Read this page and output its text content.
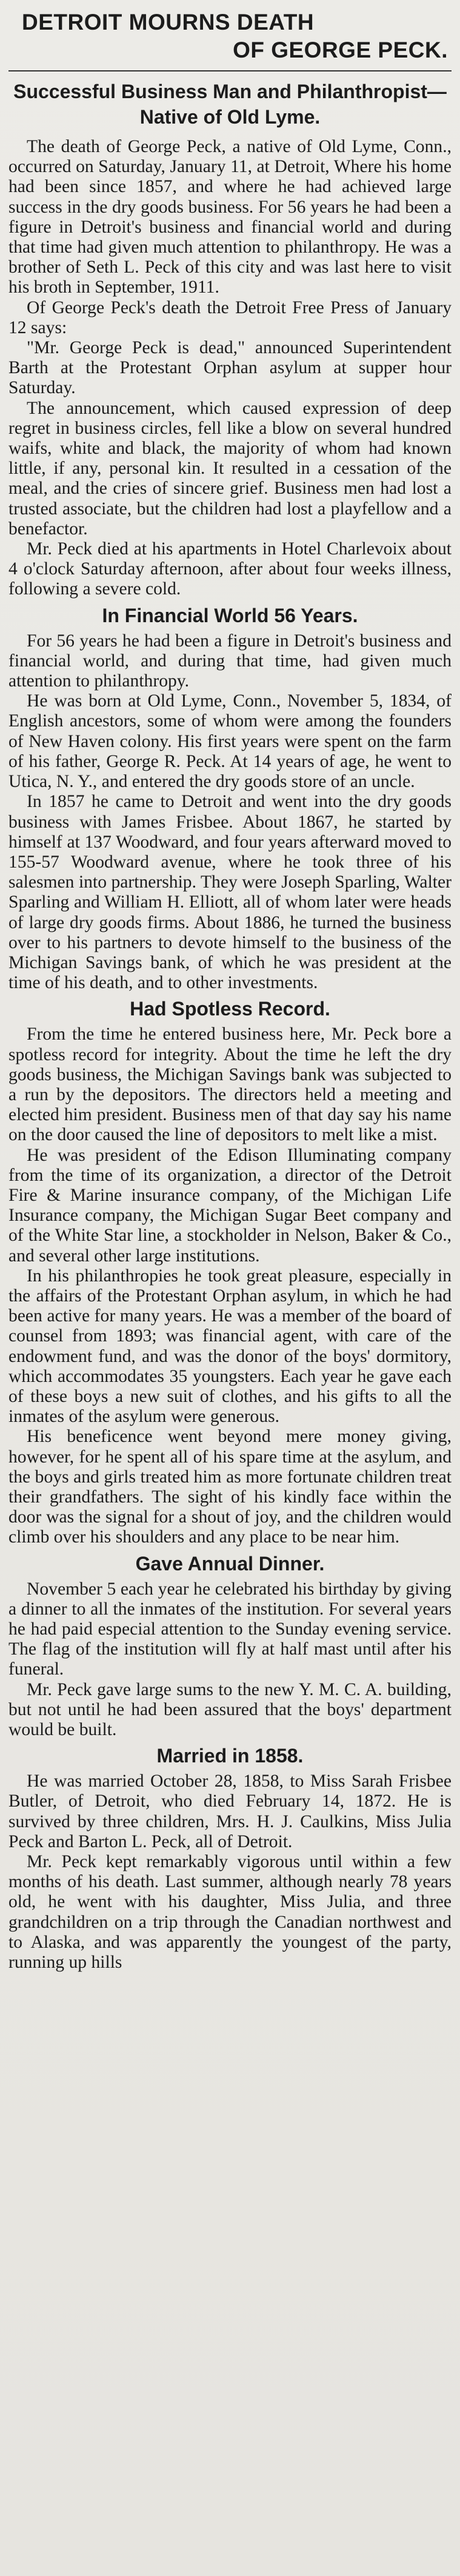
DETROIT MOURNS DEATH
OF GEORGE PECK.
Successful Business Man and Philanthropist—Native of Old Lyme.

The death of George Peck, a native of Old Lyme, Conn., occurred on Saturday, January 11, at Detroit, Where his home had been since 1857, and where he had achieved large success in the dry goods business. For 56 years he had been a figure in Detroit's business and financial world and during that time had given much attention to philanthropy. He was a brother of Seth L. Peck of this city and was last here to visit his broth in September, 1911.

Of George Peck's death the Detroit Free Press of January 12 says:

"Mr. George Peck is dead," announced Superintendent Barth at the Protestant Orphan asylum at supper hour Saturday.

The announcement, which caused expression of deep regret in business circles, fell like a blow on several hundred waifs, white and black, the majority of whom had known little, if any, personal kin. It resulted in a cessation of the meal, and the cries of sincere grief. Business men had lost a trusted associate, but the children had lost a playfellow and a benefactor.

Mr. Peck died at his apartments in Hotel Charlevoix about 4 o'clock Saturday afternoon, after about four weeks illness, following a severe cold.

In Financial World 56 Years.

For 56 years he had been a figure in Detroit's business and financial world, and during that time, had given much attention to philanthropy.

He was born at Old Lyme, Conn., November 5, 1834, of English ancestors, some of whom were among the founders of New Haven colony. His first years were spent on the farm of his father, George R. Peck. At 14 years of age, he went to Utica, N. Y., and entered the dry goods store of an uncle.

In 1857 he came to Detroit and went into the dry goods business with James Frisbee. About 1867, he started by himself at 137 Woodward, and four years afterward moved to 155-57 Woodward avenue, where he took three of his salesmen into partnership. They were Joseph Sparling, Walter Sparling and William H. Elliott, all of whom later were heads of large dry goods firms. About 1886, he turned the business over to his partners to devote himself to the business of the Michigan Savings bank, of which he was president at the time of his death, and to other investments.

Had Spotless Record.

From the time he entered business here, Mr. Peck bore a spotless record for integrity. About the time he left the dry goods business, the Michigan Savings bank was subjected to a run by the depositors. The directors held a meeting and elected him president. Business men of that day say his name on the door caused the line of depositors to melt like a mist.

He was president of the Edison Illuminating company from the time of its organization, a director of the Detroit Fire & Marine insurance company, of the Michigan Life Insurance company, the Michigan Sugar Beet company and of the White Star line, a stockholder in Nelson, Baker & Co., and several other large institutions.

In his philanthropies he took great pleasure, especially in the affairs of the Protestant Orphan asylum, in which he had been active for many years. He was a member of the board of counsel from 1893; was financial agent, with care of the endowment fund, and was the donor of the boys' dormitory, which accommodates 35 youngsters. Each year he gave each of these boys a new suit of clothes, and his gifts to all the inmates of the asylum were generous.

His beneficence went beyond mere money giving, however, for he spent all of his spare time at the asylum, and the boys and girls treated him as more fortunate children treat their grandfathers. The sight of his kindly face within the door was the signal for a shout of joy, and the children would climb over his shoulders and any place to be near him.

Gave Annual Dinner.

November 5 each year he celebrated his birthday by giving a dinner to all the inmates of the institution. For several years he had paid especial attention to the Sunday evening service. The flag of the institution will fly at half mast until after his funeral.

Mr. Peck gave large sums to the new Y. M. C. A. building, but not until he had been assured that the boys' department would be built.

Married in 1858.

He was married October 28, 1858, to Miss Sarah Frisbee Butler, of Detroit, who died February 14, 1872. He is survived by three children, Mrs. H. J. Caulkins, Miss Julia Peck and Barton L. Peck, all of Detroit.

Mr. Peck kept remarkably vigorous until within a few months of his death. Last summer, although nearly 78 years old, he went with his daughter, Miss Julia, and three grandchildren on a trip through the Canadian northwest and to Alaska, and was apparently the youngest of the party, running up hills
